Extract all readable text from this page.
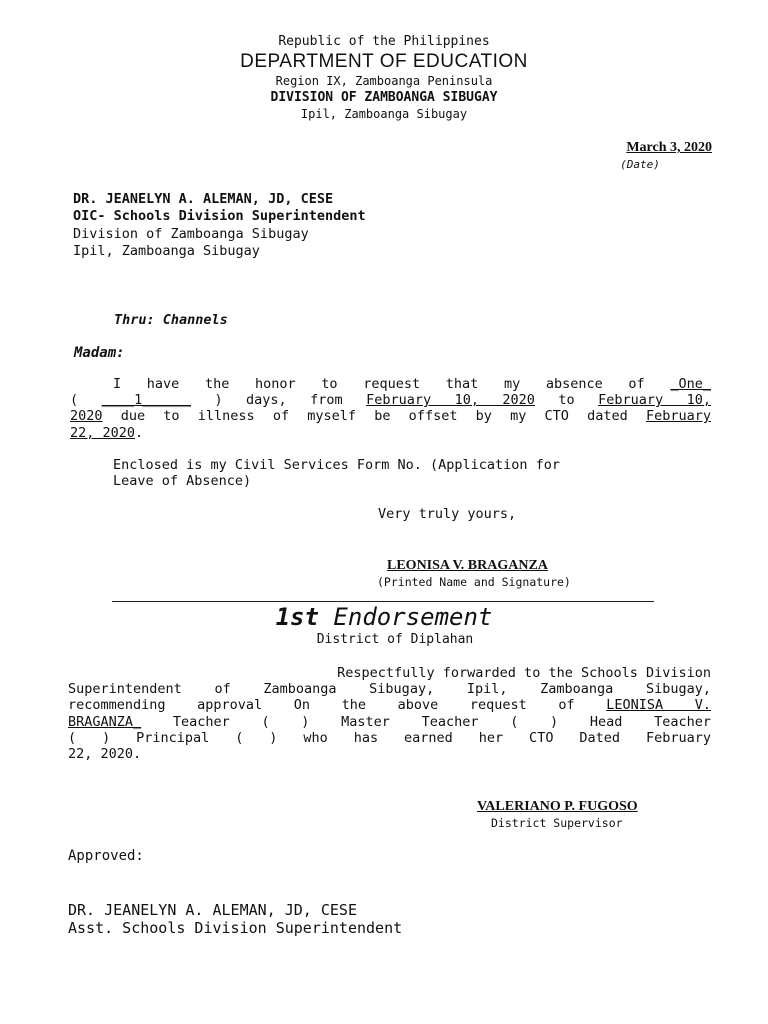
Republic of the Philippines
DEPARTMENT OF EDUCATION
Region IX, Zamboanga Peninsula
DIVISION OF ZAMBOANGA SIBUGAY
Ipil, Zamboanga Sibugay
March 3, 2020
(Date)
DR. JEANELYN A. ALEMAN, JD, CESE
OIC- Schools Division Superintendent
Division of Zamboanga Sibugay
Ipil, Zamboanga Sibugay
Thru: Channels
Madam:
I have the honor to request that my absence of _One_
( ____1______ ) days, from February 10, 2020 to February 10,
2020 due to illness of myself be offset by my CTO dated February
22, 2020.
Enclosed is my Civil Services Form No. (Application for
Leave of Absence)
Very truly yours,
LEONISA V. BRAGANZA
(Printed Name and Signature)
1st Endorsement
District of Diplahan
Respectfully forwarded to the Schools Division
Superintendent of Zamboanga Sibugay, Ipil, Zamboanga Sibugay,
recommending approval On the above request of LEONISA V.
BRAGANZA_ Teacher ( ) Master Teacher ( ) Head Teacher
( ) Principal ( ) who has earned her CTO Dated February
22, 2020.
VALERIANO P. FUGOSO
District Supervisor
Approved:
DR. JEANELYN A. ALEMAN, JD, CESE
Asst. Schools Division Superintendent
